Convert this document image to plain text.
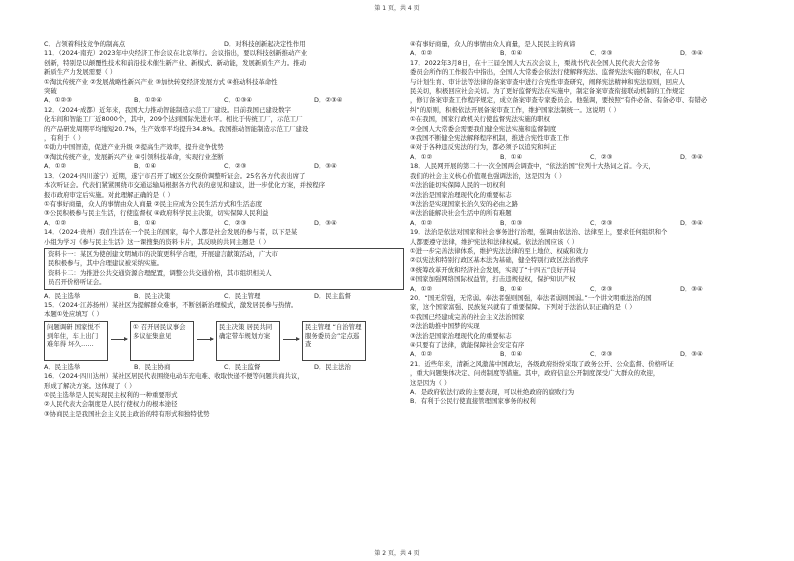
第 1 页，共 4 页
C．占领着科技竞争的制高点	D．对科技创新起决定性作用
11．（2024·南充）2023年中央经济工作会议在北京举行。会议指出，要以科技创新推动产业
创新，特别是以颠覆性技术和前沿技术催生新产业、新模式、新动能，发展新质生产力。推动
新质生产力发展需要（ ）
①淘汰传统产业 ②发展战略性新兴产业 ③加快转变经济发展方式 ④推动科技革命性
突破
A．①②③	B．①②④	C．①③④	D．②③④
12．（2024·成都）近年来，我国大力推动智能制造示范工厂建设。目前我国已建设数字
化车间和智能工厂近8000个，其中，209个达到国际先进水平。相比于传统工厂，示范工厂
的产品研发周期平均缩短20.7%，生产效率平均提升34.8%。我国推动智能制造示范工厂建设
，有利于（ ）
①助力中国智造，促进产业升级 ②提高生产效率，提升竞争优势
③淘汰传统产业，发展新兴产业 ④引领科技革命，实现行业垄断
A．①②	B．①④	C．②③	D．③④
13．（2024·四川遂宁）近期，遂宁市召开了城区公交票价调整听证会。25名各方代表出席了
本次听证会。代表们紧紧围绕市交通运输局根据各方代表的意见和建议，进一步优化方案，并按程序
报市政府审定后实施。对此理解正确的是（ ）
①有事好商量，众人的事情由众人商量 ②民主应成为公民生活方式和生活态度
③公民积极参与民主生活，行使监督权 ④政府科学民主决策，切实保障人民利益
A．①②	B．①④	C．②③	D．③④
14．（2024·贵州）我们生活在一个民主的国家，每个人都是社会发展的参与者，以下是某
小组为学习《参与民主生活》这一课搜集的资料卡片，其反映的共同主题是（ ）
资料卡一：某区为使创建文明城市的决策更科学合理，开展建言献策活动，广大市
民积极参与，其中合理建议被采纳实施。
资料卡二：为推进公共交通资源合理配置，调整公共交通价格，其市组织相关人
员召开价格听证会。
A．民主选举	B．民主决策	C．民主管理	D．民主监督
15．（2024·江苏扬州）某社区为提解群众难事，不断创新治理模式，激发居民参与热情。
本题①处应填写（ ）
问题调研 国家悦不到年住，车上出门 难年得 坏久……
① 召开居民议事会多议征集意见
民主决策 居民共同确定带车规划方案
民主管理 “自治管理服务委员会”定点巡查
A．民主选举	B．民主协商	C．民主监督	D．民主法治
16．（2024·四川达州）某社区居民代表围绕电动车充电难、收取快递不便等问题共商共议，
形成了解决方案。这体现了（ ）
①民主选举是人民实现民主权利的一种重要形式
②人民代表大会制度是人民行使权力的根本途径
③协商民主是我国社会主义民主政治的特有形式和独特优势
④有事好商量，众人的事情由众人商量，是人民民主的真谛
A．①②	B．①④	C．②③	D．③④
17．2022年3月8日，在十三届全国人大五次会议上，栗战书代表全国人民代表大会常务
委员会所作的工作报告中指出，全国人大常委会依法行使解释宪法、监督宪法实施的职权，在人口
与计划生育、审计法等法律的备案审查中进行合宪性审查研究，阐释宪法精神和宪法原则，回应人
民关切，积极回应社会关切。为了更好监督宪法在实施中，制定备案审查衔接联动机制的工作规定
，修订备案审查工作程序规定，成立备案审查专家委员会。他强调，要按照“有件必备、有备必审、有错必
纠”的原则，积极依法开展备案审查工作，维护国家法制统一。这说明（ ）
①在我国，国家行政机关行使监督宪法实施的职权
②全国人大常委会需要我们健全宪法实施和监督制度
③我国不断健全宪法解释程序机制，推进合宪性审查工作
④对于各种违反宪法的行为，都必须予以追究和纠正
A．①②	B．①④	C．②③	D．③④
18．人民网开展的第二十一次全国两会调查中，“依法治国”位列十大热词之首。今天，
我们的社会主义核心价值观也强调法治，这是因为（ ）
①法治能切实保障人民的一切权利
②法治是国家治理现代化的重要标志
③法治是实现国家长治久安的必由之路
④法治能解决社会生活中的所有难题
A．①②	B．①③	C．②③	D．③④
19．法治是依法对国家和社会事务进行治理，强调由依法治、法律至上，要求任何组织和个
人都要遵守法律，维护宪法和法律权威。依法治国应该（ ）
①进一步完善法律体系，维护宪法法律的至上地位、权威和效力
②以宪法和特别行政区基本法为基础，健全特别行政区法治秩序
③统筹改革开放和经济社会发展，实现了“十四五”良好开局
④国家加强网络国际权益管，打击违规侵权，保护知识产权
A．①②	B．①④	C．②③	D．③④
20．“国无常强，无常弱。奉法者强则国强，奉法者弱则国弱。”一个讲文明重法治的国
家，这个国家富强、民族复兴就有了重要保障。下列对于法治认识正确的是（ ）
①我国已经建成完善的社会主义法治国家
②法治助推中国梦的实现
③法治是国家治理现代化的重要标志
④只要有了法律，就能保障社会安定有序
A．①②	B．①④	C．②③	D．③④
21．近些年来，清新之风激荡中国政坛，各级政府纷纷采取了政务公开、公众监督、价格听证
，重大问题集体决定、问责制度等措施。其中，政府信息公开制度深受广大群众的欢迎，
这是因为（ ）
A．是政府依法行政的主要表现，可以杜绝政府的腐败行为
B．有利于公民行使直接管理国家事务的权利
第 2 页，共 4 页
